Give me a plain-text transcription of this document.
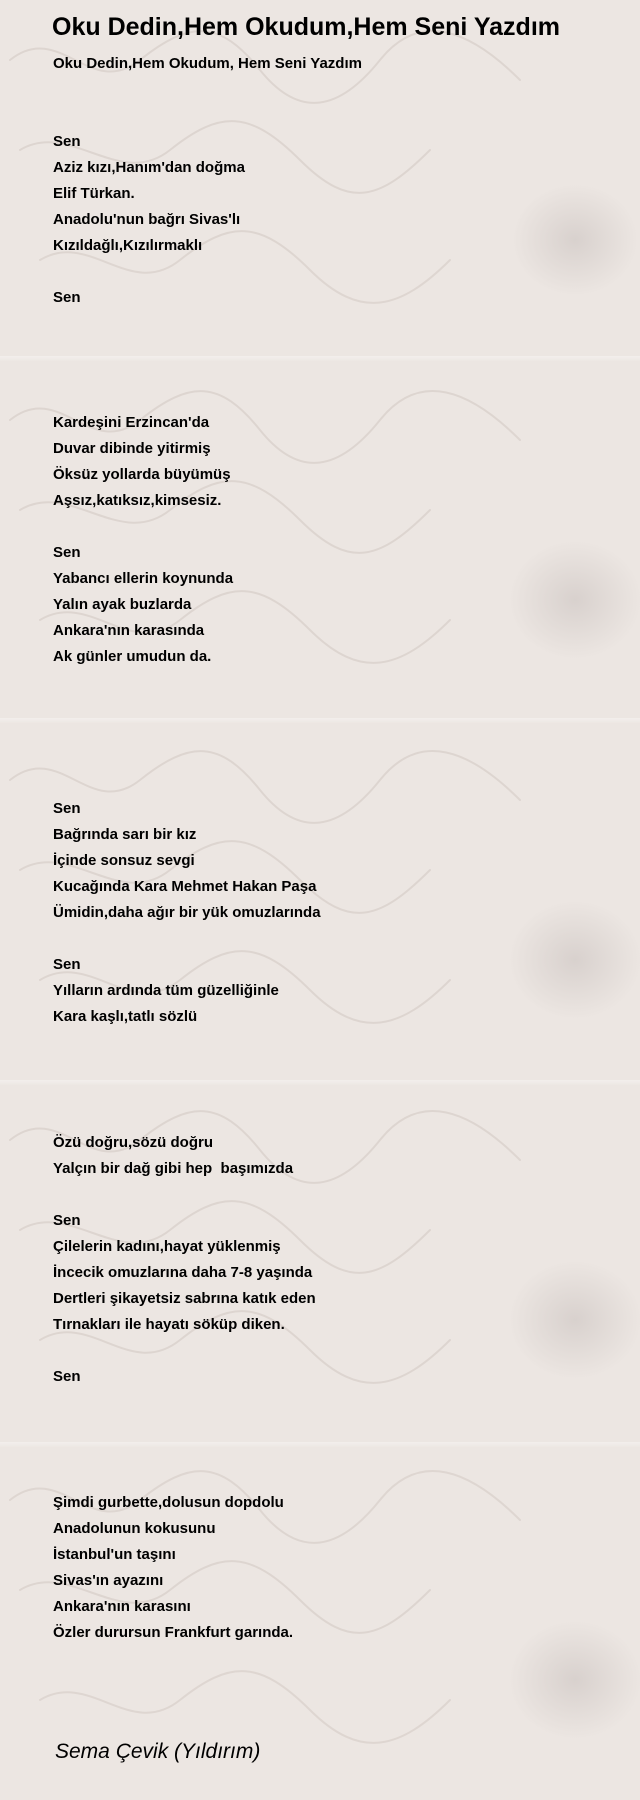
Oku Dedin,Hem Okudum,Hem Seni Yazdım
Oku Dedin,Hem Okudum, Hem Seni Yazdım

Sen

Aziz kızı,Hanım'dan doğma

Elif Türkan.

Anadolu'nun bağrı Sivas'lı

Kızıldağlı,Kızılırmaklı

Sen

Kardeşini Erzincan'da

Duvar dibinde yitirmiş

Öksüz yollarda büyümüş

Aşsız,katıksız,kimsesiz.

Sen

Yabancı ellerin koynunda

Yalın ayak buzlarda

Ankara'nın karasında

Ak günler umudun da.

Sen

Bağrında sarı bir kız

İçinde sonsuz sevgi

Kucağında Kara Mehmet Hakan Paşa

Ümidin,daha ağır bir yük omuzlarında

Sen

Yılların ardında tüm güzelliğinle

Kara kaşlı,tatlı sözlü

Özü doğru,sözü doğru

Yalçın bir dağ gibi hep  başımızda

Sen

Çilelerin kadını,hayat yüklenmiş

İncecik omuzlarına daha 7-8 yaşında

Dertleri şikayetsiz sabrına katık eden

Tırnakları ile hayatı söküp diken.

Sen

Şimdi gurbette,dolusun dopdolu

Anadolunun kokusunu

İstanbul'un taşını

Sivas'ın ayazını

Ankara'nın karasını

Özler durursun Frankfurt garında.

Sema Çevik (Yıldırım)
